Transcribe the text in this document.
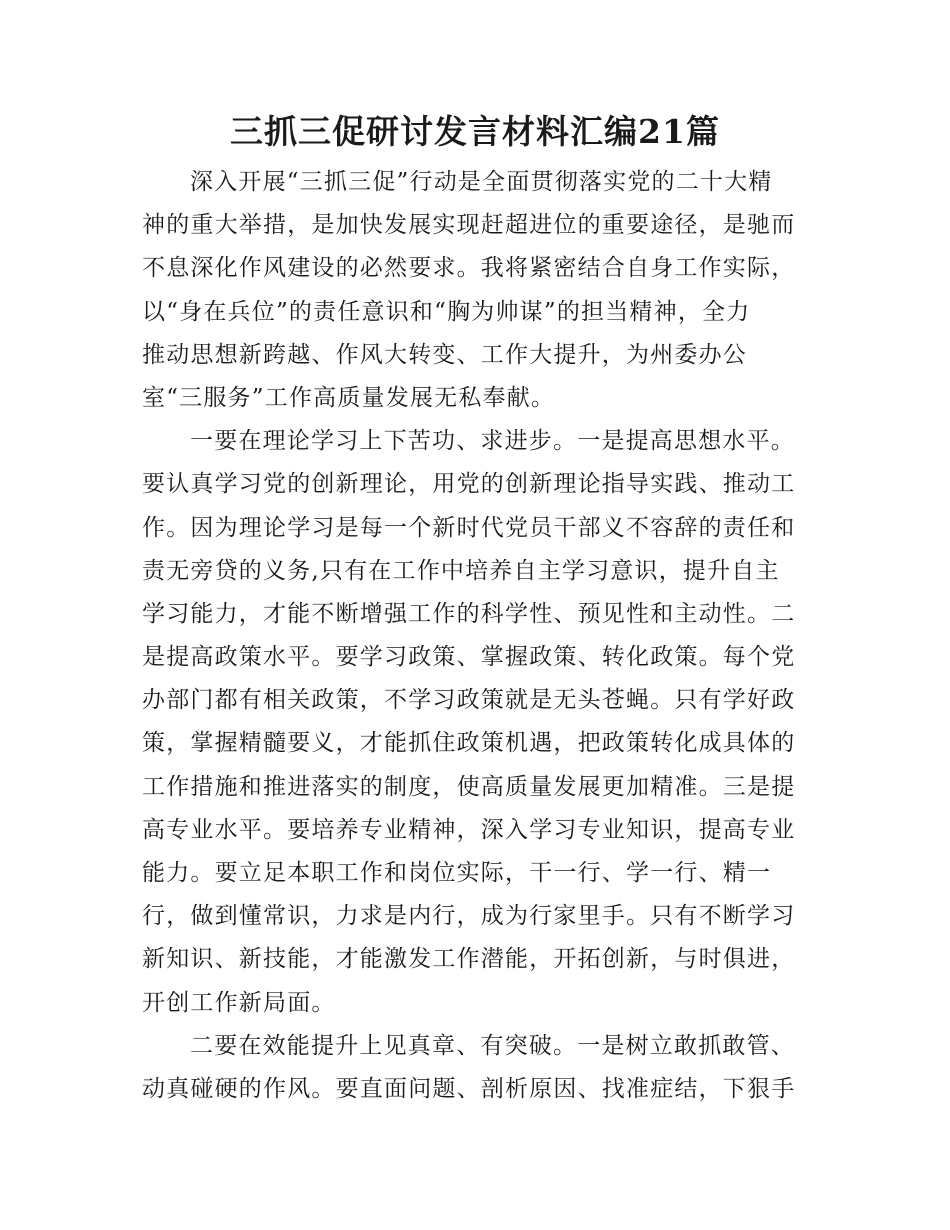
三抓三促研讨发言材料汇编21篇

深入开展“三抓三促”行动是全面贯彻落实党的二十大精
神的重大举措，是加快发展实现赶超进位的重要途径，是驰而
不息深化作风建设的必然要求。我将紧密结合自身工作实际，
以“身在兵位”的责任意识和“胸为帅谋”的担当精神，全力
推动思想新跨越、作风大转变、工作大提升，为州委办公
室“三服务”工作高质量发展无私奉献。

一要在理论学习上下苦功、求进步。一是提高思想水平。
要认真学习党的创新理论，用党的创新理论指导实践、推动工
作。因为理论学习是每一个新时代党员干部义不容辞的责任和
责无旁贷的义务,只有在工作中培养自主学习意识，提升自主
学习能力，才能不断增强工作的科学性、预见性和主动性。二
是提高政策水平。要学习政策、掌握政策、转化政策。每个党
办部门都有相关政策，不学习政策就是无头苍蝇。只有学好政
策，掌握精髓要义，才能抓住政策机遇，把政策转化成具体的
工作措施和推进落实的制度，使高质量发展更加精准。三是提
高专业水平。要培养专业精神，深入学习专业知识，提高专业
能力。要立足本职工作和岗位实际，干一行、学一行、精一
行，做到懂常识，力求是内行，成为行家里手。只有不断学习
新知识、新技能，才能激发工作潜能，开拓创新，与时俱进，
开创工作新局面。

二要在效能提升上见真章、有突破。一是树立敢抓敢管、
动真碰硬的作风。要直面问题、剖析原因、找准症结，下狠手
